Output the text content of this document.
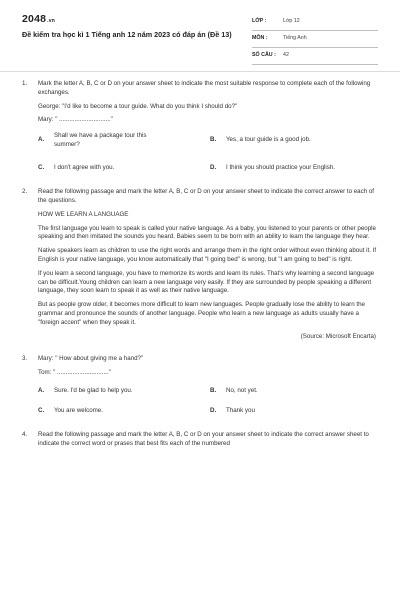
2048.vn
Đề kiểm tra học kì 1 Tiếng anh 12 năm 2023 có đáp án (Đề 13)
LỚP :	Lớp 12
MÔN :	Tiếng Anh
SỐ CÂU : 42
1. Mark the letter A, B, C or D on your answer sheet to indicate the most suitable response to complete each of the following exchanges.

George: "I'd like to become a tour guide. What do you think I should do?"

Mary: " .............................."

A.
Shall we have a package tour this
summer?
B. Yes, a tour guide is a good job.
C. I don't agree with you.	D. I think you should practice your English.
2. Read the following passage and mark the letter A, B, C or D on your answer sheet to indicate the correct answer to each of the questions.

HOW WE LEARN A LANGUAGE

The first language you learn to speak is called your native language. As a baby, you listened to your parents or other people speaking and then imitated the sounds you heard. Babies seem to be born with an ability to learn the language they hear.

Native speakers learn as children to use the right words and arrange them in the right order without even thinking about it. If English is your native language, you know automatically that "I going bed" is wrong, but "I am going to bed" is right.

If you learn a second language, you have to memorize its words and learn its rules. That's why learning a second language can be difficult.Young children can learn a new language very easily. If they are surrounded by people speaking a different language, they soon learn to speak it as well as their native language.

But as people grow older, it becomes more difficult to learn new languages. People gradually lose the ability to learn the grammar and pronounce the sounds of another language. People who learn a new language as adults usually have a "foreign accent" when they speak it.

(Source: Microsoft Encarta)

3. Mary: " How about giving me a hand?"

Tom: " .............................."

A. Sure. I'd be glad to help you.	B. No, not yet.
C. You are welcome.	D. Thank you
4. Read the following passage and mark the letter A, B, C or D on your answer sheet to indicate the correct answer sheet to indicate the correct word or prases that best fits each of the numbered
